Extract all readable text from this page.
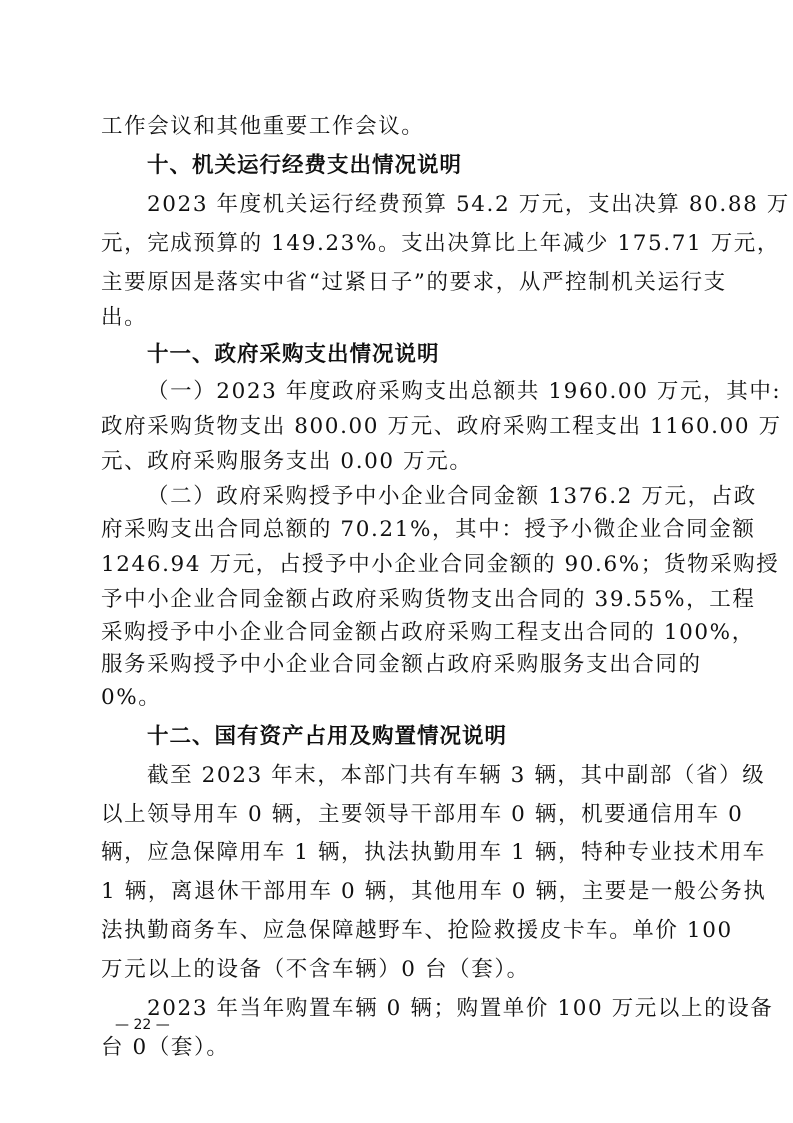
工作会议和其他重要工作会议。
十、机关运行经费支出情况说明
2023 年度机关运行经费预算 54.2 万元，支出决算 80.88 万
元，完成预算的 149.23%。支出决算比上年减少 175.71 万元，
主要原因是落实中省“过紧日子”的要求，从严控制机关运行支
出。
十一、政府采购支出情况说明
（一）2023 年度政府采购支出总额共 1960.00 万元，其中:
政府采购货物支出 800.00 万元、政府采购工程支出 1160.00 万
元、政府采购服务支出 0.00 万元。
（二）政府采购授予中小企业合同金额 1376.2 万元，占政
府采购支出合同总额的 70.21%，其中：授予小微企业合同金额
1246.94 万元，占授予中小企业合同金额的 90.6%；货物采购授
予中小企业合同金额占政府采购货物支出合同的 39.55%，工程
采购授予中小企业合同金额占政府采购工程支出合同的 100%，
服务采购授予中小企业合同金额占政府采购服务支出合同的
0%。
十二、国有资产占用及购置情况说明
截至 2023 年末，本部门共有车辆 3 辆，其中副部（省）级
以上领导用车 0 辆，主要领导干部用车 0 辆，机要通信用车 0
辆，应急保障用车 1 辆，执法执勤用车 1 辆，特种专业技术用车
1 辆，离退休干部用车 0 辆，其他用车 0 辆，主要是一般公务执
法执勤商务车、应急保障越野车、抢险救援皮卡车。单价 100
万元以上的设备（不含车辆）0 台（套）。
2023 年当年购置车辆 0 辆；购置单价 100 万元以上的设备
台 0（套）。
— 22 —
